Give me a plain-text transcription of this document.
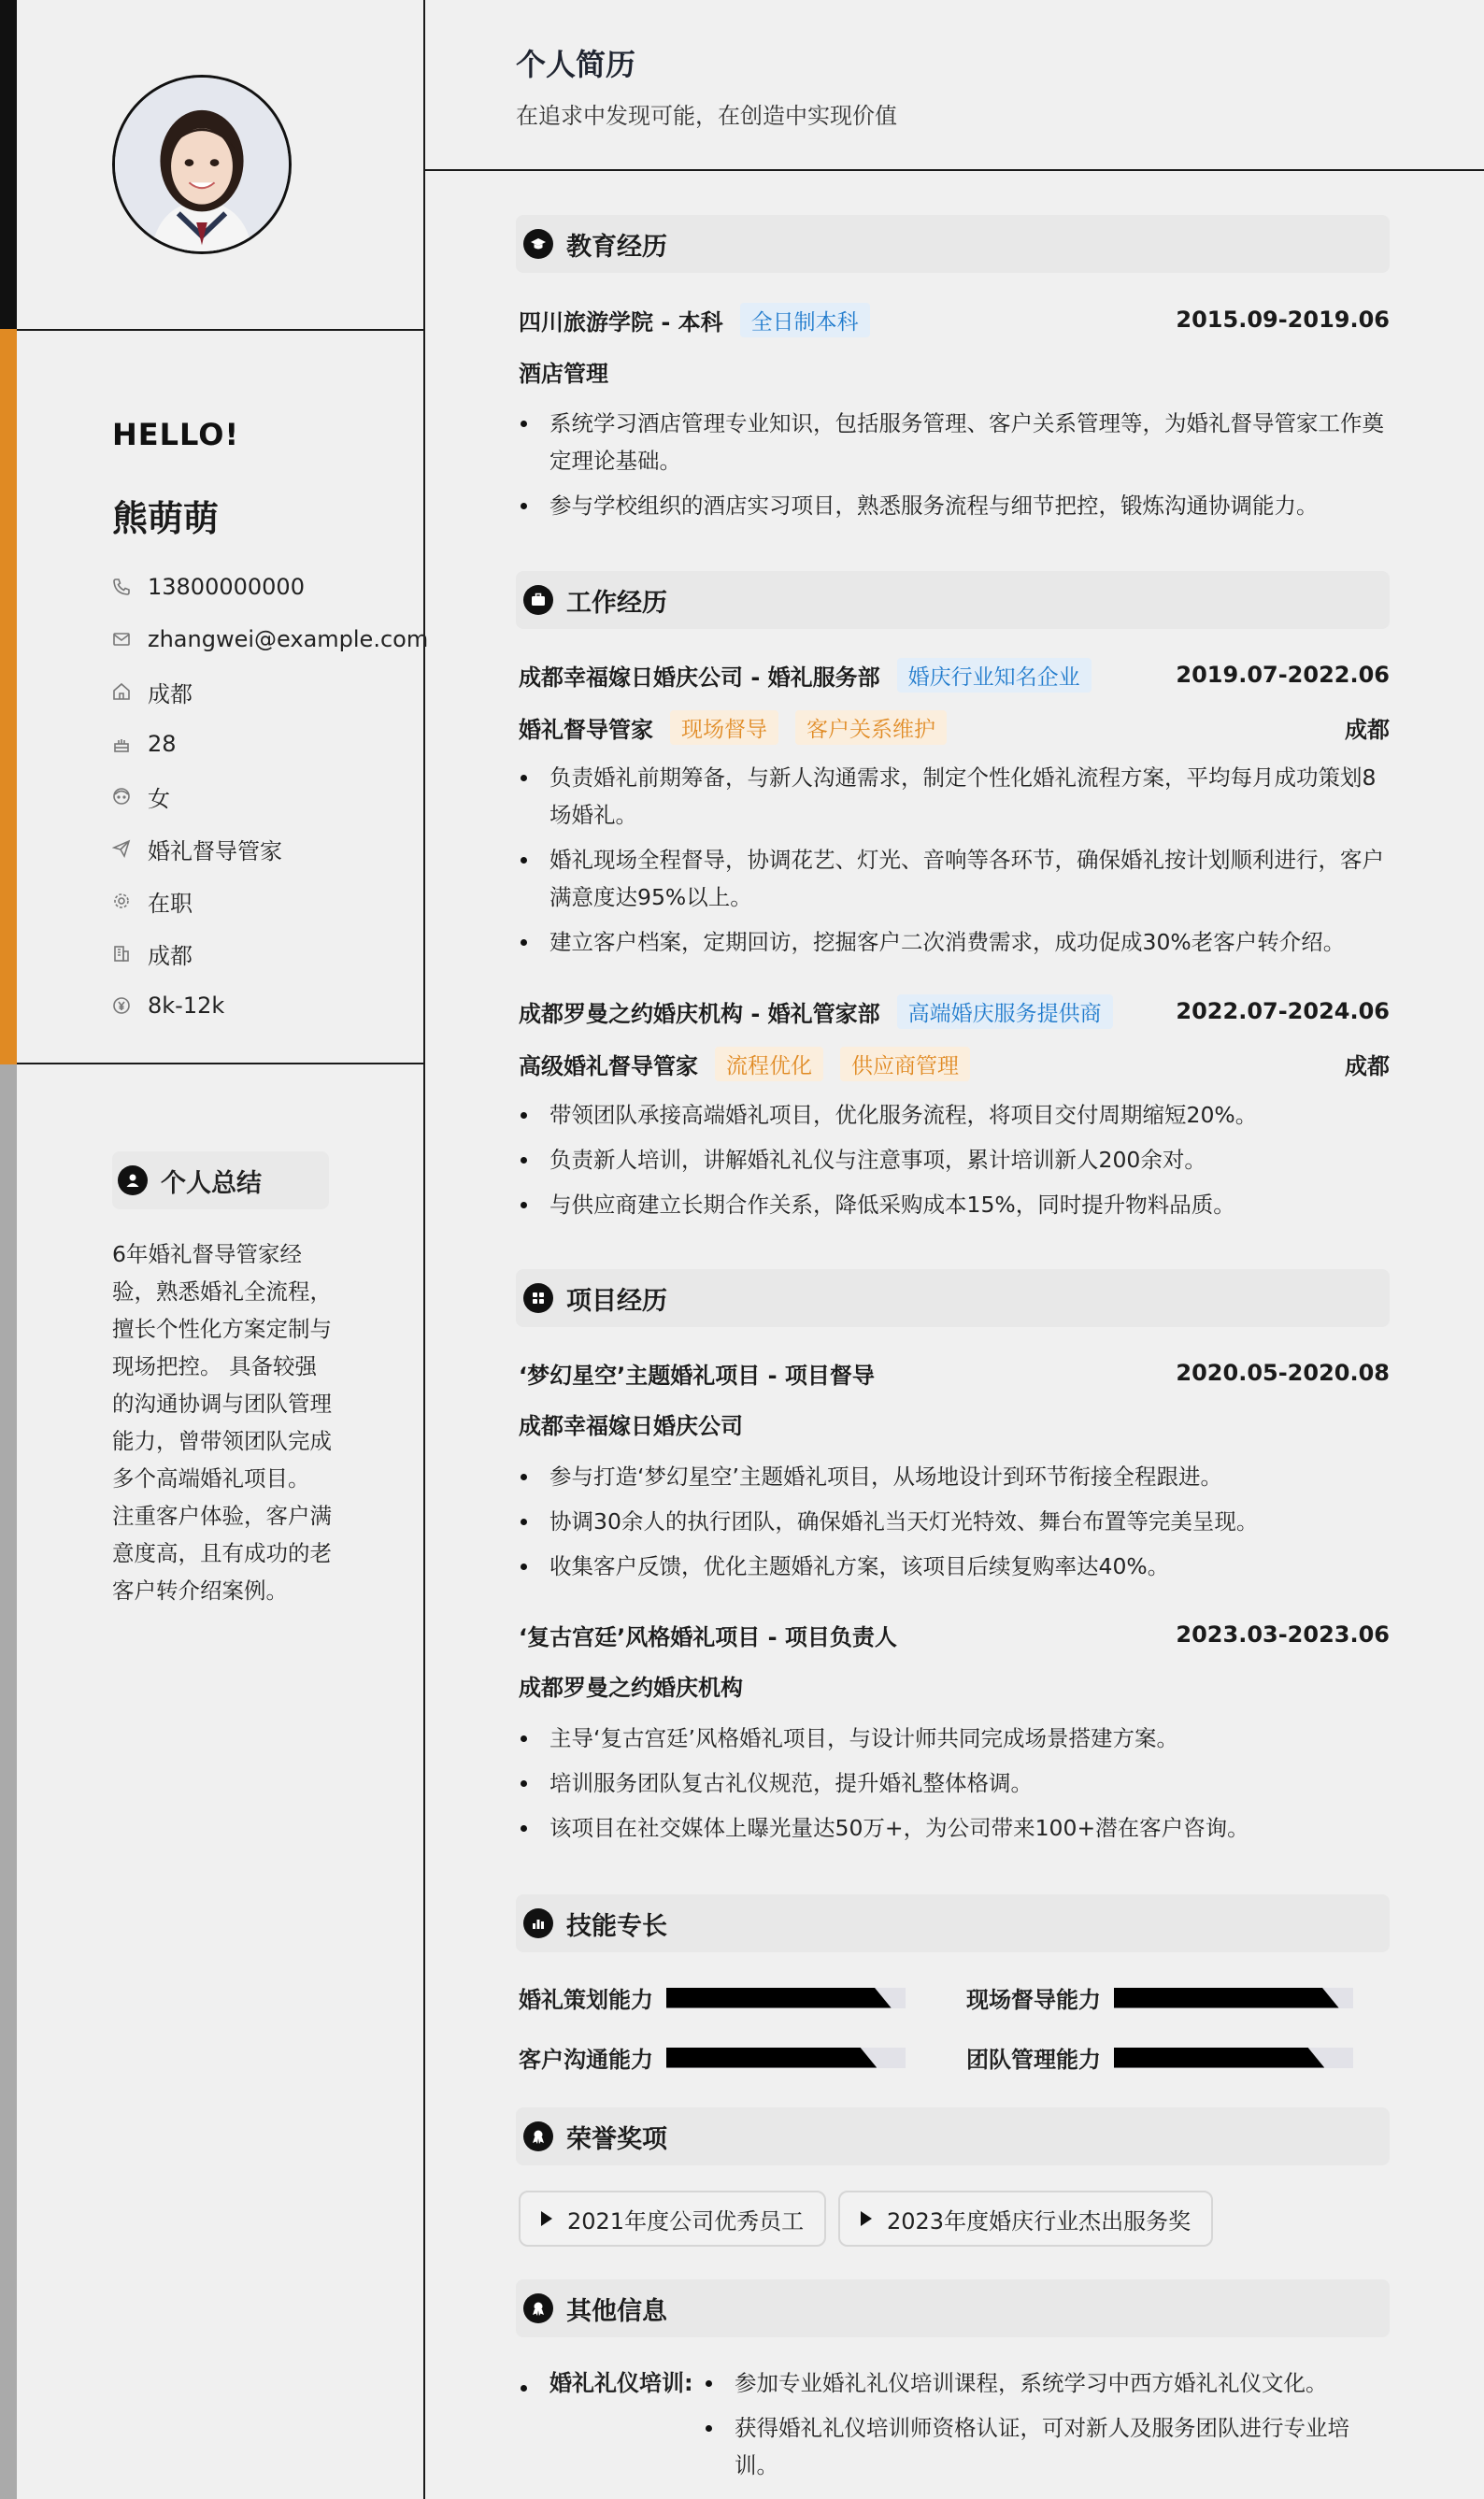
HELLO!
熊萌萌
13800000000
zhangwei@example.com
成都
28
女
婚礼督导管家
在职
成都
8k-12k
个人总结
6年婚礼督导管家经验，熟悉婚礼全流程，擅长个性化方案定制与现场把控。 具备较强的沟通协调与团队管理能力，曾带领团队完成多个高端婚礼项目。 注重客户体验，客户满意度高，且有成功的老客户转介绍案例。
个人简历
在追求中发现可能，在创造中实现价值
教育经历
四川旅游学院 - 本科	全日制本科	2015.09-2019.06
酒店管理
系统学习酒店管理专业知识，包括服务管理、客户关系管理等，为婚礼督导管家工作奠定理论基础。
参与学校组织的酒店实习项目，熟悉服务流程与细节把控，锻炼沟通协调能力。
工作经历
成都幸福嫁日婚庆公司 - 婚礼服务部	婚庆行业知名企业	2019.07-2022.06
婚礼督导管家	现场督导	客户关系维护	成都
负责婚礼前期筹备，与新人沟通需求，制定个性化婚礼流程方案，平均每月成功策划8场婚礼。
婚礼现场全程督导，协调花艺、灯光、音响等各环节，确保婚礼按计划顺利进行，客户满意度达95%以上。
建立客户档案，定期回访，挖掘客户二次消费需求，成功促成30%老客户转介绍。
成都罗曼之约婚庆机构 - 婚礼管家部	高端婚庆服务提供商	2022.07-2024.06
高级婚礼督导管家	流程优化	供应商管理	成都
带领团队承接高端婚礼项目，优化服务流程，将项目交付周期缩短20%。
负责新人培训，讲解婚礼礼仪与注意事项，累计培训新人200余对。
与供应商建立长期合作关系，降低采购成本15%，同时提升物料品质。
项目经历
‘梦幻星空’主题婚礼项目 - 项目督导	2020.05-2020.08
成都幸福嫁日婚庆公司
参与打造‘梦幻星空’主题婚礼项目，从场地设计到环节衔接全程跟进。
协调30余人的执行团队，确保婚礼当天灯光特效、舞台布置等完美呈现。
收集客户反馈，优化主题婚礼方案，该项目后续复购率达40%。
‘复古宫廷’风格婚礼项目 - 项目负责人	2023.03-2023.06
成都罗曼之约婚庆机构
主导‘复古宫廷’风格婚礼项目，与设计师共同完成场景搭建方案。
培训服务团队复古礼仪规范，提升婚礼整体格调。
该项目在社交媒体上曝光量达50万+，为公司带来100+潜在客户咨询。
技能专长
婚礼策划能力	现场督导能力
客户沟通能力	团队管理能力
荣誉奖项
2021年度公司优秀员工	2023年度婚庆行业杰出服务奖
其他信息
婚礼礼仪培训:	参加专业婚礼礼仪培训课程，系统学习中西方婚礼礼仪文化。
获得婚礼礼仪培训师资格认证，可对新人及服务团队进行专业培训。
